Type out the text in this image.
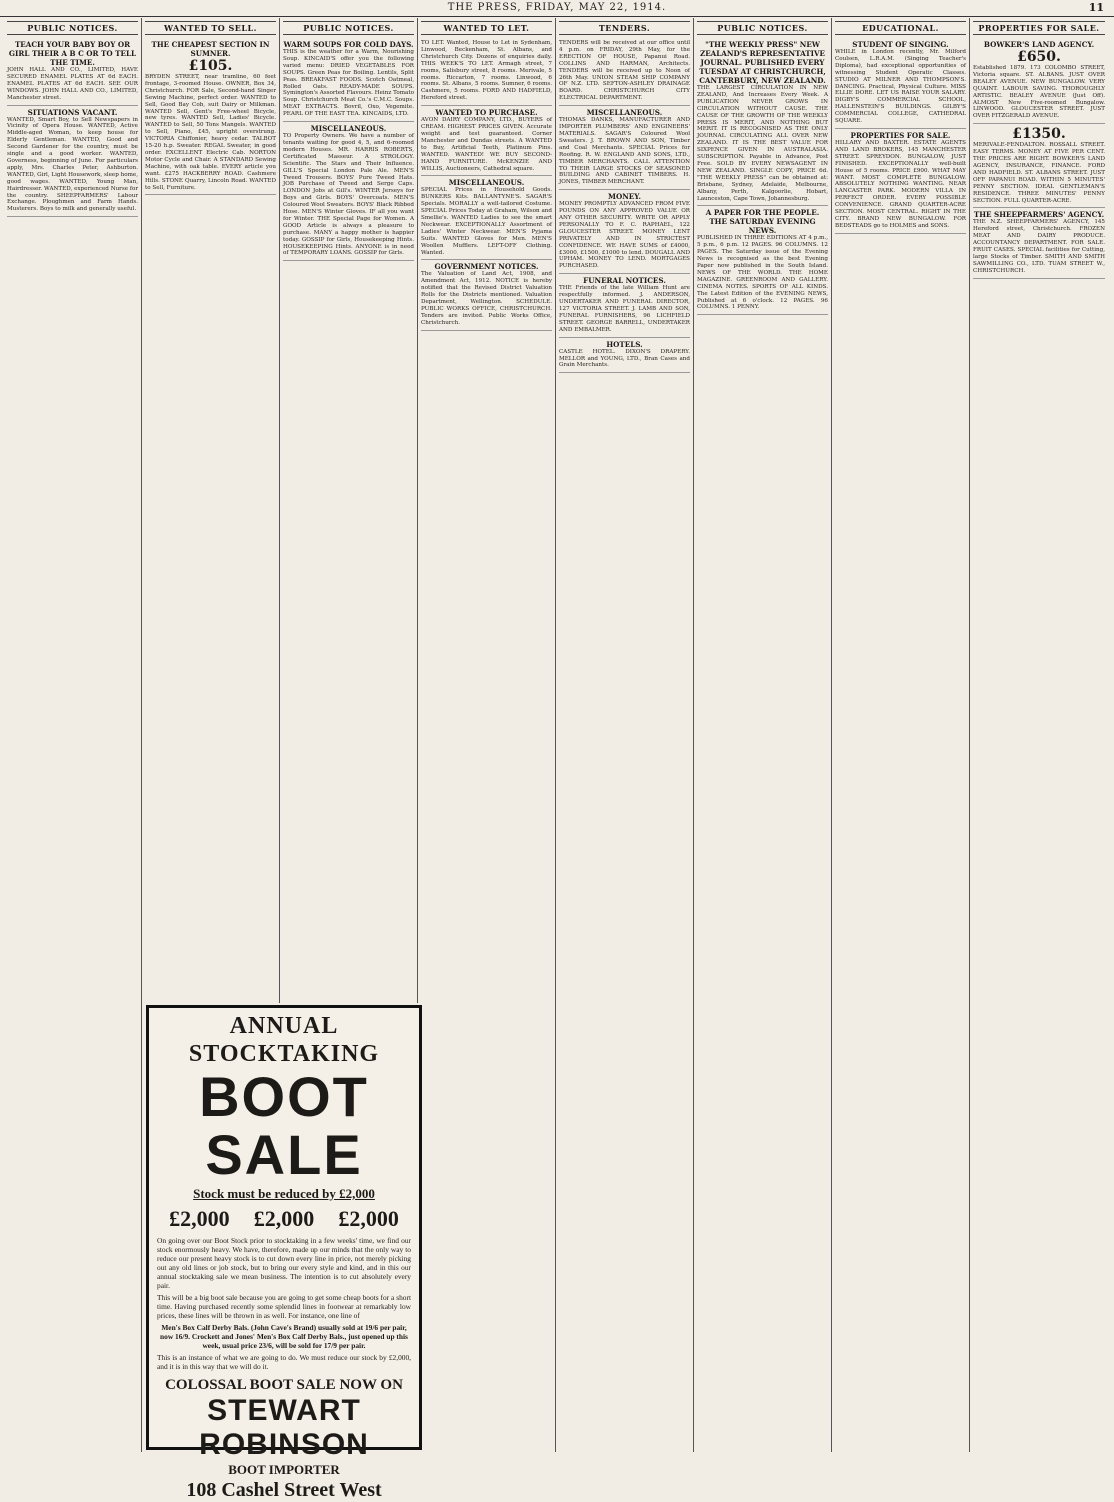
THE PRESS, FRIDAY, MAY 22, 1914.	11
PUBLIC NOTICES.
TEACH YOUR BABY BOY OR GIRL THEIR A B C OR TO TELL THE TIME.
JOHN HALL AND CO., LIMITED, HAVE SECURED ENAMEL PLATES AT 6d EACH. ENAMEL PLATES AT 6d EACH. SEE OUR WINDOWS. JOHN HALL AND CO., LIMITED, Manchester street.
SITUATIONS VACANT.
WANTED, Smart Boy, to Sell Newspapers in Vicinity of Opera House. WANTED, Active Middle-aged Woman, to keep house for Elderly Gentleman. WANTED, Good and Second Gardener for the country, must be single and a good worker. WANTED, Governess, beginning of June. For particulars apply, Mrs. Charles Peter, Ashburton. WANTED, Girl, Light Housework, sleep home, good wages. WANTED, Young Man, Hairdresser. WANTED, experienced Nurse for the country. SHEEPFARMERS' Labour Exchange. Ploughmen and Farm Hands. Musterers. Boys to milk and generally useful.
WANTED TO SELL.
THE CHEAPEST SECTION IN SUMNER.
£105.
BRYDEN STREET, near tramline, 60 feet frontage, 3-roomed House. OWNER, Box 34, Christchurch. FOR Sale, Second-hand Singer Sewing Machine, perfect order. WANTED to Sell, Good Bay Cob, suit Dairy or Milkman. WANTED Sell, Gent's Free-wheel Bicycle, new tyres. WANTED Sell, Ladies' Bicycle. WANTED to Sell, 50 Tons Mangels. WANTED to Sell, Piano, £45, upright overstrung. VICTORIA Chiffonier, heavy cedar. TALBOT 15-20 h.p. Sweater. REGAL Sweater, in good order. EXCELLENT Electric Cab. NORTON Motor Cycle and Chair. A STANDARD Sewing Machine, with oak table. EVERY article you want. £275 HACKBERRY ROAD. Cashmere Hills. STONE Quarry, Lincoln Road. WANTED to Sell, Furniture.
PUBLIC NOTICES.
WARM SOUPS FOR COLD DAYS.
THIS is the weather for a Warm, Nourishing Soup. KINCAID'S offer you the following varied menu: DRIED VEGETABLES FOR SOUPS. Green Peas for Boiling. Lentils, Split Peas. BREAKFAST FOODS. Scotch Oatmeal, Rolled Oats. READY-MADE SOUPS. Symington's Assorted Flavours. Heinz Tomato Soup. Christchurch Meat Co.'s C.M.C. Soups. MEAT EXTRACTS. Bovril, Oxo, Vegemite. PEARL OF THE EAST TEA. KINCAIDS, LTD.
MISCELLANEOUS.
TO Property Owners. We have a number of tenants waiting for good 4, 5, and 6-roomed modern Houses. MR. HARRIS ROBERTS, Certificated Masseur. A STROLOGY. Scientific. The Stars and Their Influence. GILL'S Special London Pale Ale. MEN'S Tweed Trousers. BOYS' Pure Tweed Hats. JOB Purchase of Tweed and Serge Caps. LONDON Jobs at Gill's. WINTER Jerseys for Boys and Girls. BOYS' Overcoats. MEN'S Coloured Wool Sweaters. BOYS' Black Ribbed Hose. MEN'S Winter Gloves. IF all you want for Winter. THE Special Page for Women. A GOOD Article is always a pleasure to purchase. MANY a happy mother is happier today. GOSSIP for Girls, Housekeeping Hints. HOUSEKEEPING Hints. ANYONE is in need of TEMPORARY LOANS. GOSSIP for Girls.
WANTED TO LET.
TO LET. Wanted, House to Let in Sydenham, Linwood, Beckenham, St. Albans, and Christchurch City. Dozens of enquiries daily. THIS WEEK'S TO LET. Armagh street, 7 rooms, Salisbury street, 8 rooms. Merivale, 5 rooms. Riccarton, 7 rooms. Linwood, 6 rooms. St. Albans, 5 rooms. Sumner, 6 rooms. Cashmere, 5 rooms. FORD AND HADFIELD, Hereford street.
WANTED TO PURCHASE.
AVON DAIRY COMPANY, LTD., BUYERS of CREAM. HIGHEST PRICES GIVEN. Accurate weight and test guaranteed. Corner Manchester and Dundas streets. A WANTED to Buy, Artificial Teeth, Platinum Pins. WANTED. WANTED! WE BUY SECOND-HAND FURNITURE. McKENZIE AND WILLIS, Auctioneers, Cathedral square.
MISCELLANEOUS.
SPECIAL Prices in Household Goods. BUNKERS Kits. BALLANTYNE'S. SAGAR'S Specials. MORALLY a well-tailored Costume. SPECIAL Prices Today at Graham, Wilson and Smellie's. WANTED Ladies to see the smart Neckwear. EXCEPTIONALLY Assortment of Ladies' Winter Neckwear. MEN'S Pyjama Suits. WANTED Gloves for Men. MEN'S Woollen Mufflers. LEFT-OFF Clothing. Wanted.
GOVERNMENT NOTICES.
The Valuation of Land Act, 1908, and Amendment Act, 1912. NOTICE is hereby notified that the Revised District Valuation Rolls for the Districts mentioned. Valuation Department, Wellington. SCHEDULE. PUBLIC WORKS OFFICE, CHRISTCHURCH. Tenders are invited. Public Works Office, Christchurch.
TENDERS.
TENDERS will be received at our office until 4 p.m. on FRIDAY, 29th May, for the ERECTION OF HOUSE, Papanui Road. COLLINS AND HARMAN, Architects. TENDERS will be received up to Noon of 26th May. UNION STEAM SHIP COMPANY OF N.Z. LTD. SEFTON-ASHLEY DRAINAGE BOARD. CHRISTCHURCH CITY ELECTRICAL DEPARTMENT.
MISCELLANEOUS.
THOMAS DANKS, MANUFACTURER AND IMPORTER PLUMBERS' AND ENGINEERS' MATERIALS. SAGAR'S Coloured Wool Sweaters. J. T. BROWN AND SON, Timber and Coal Merchants. SPECIAL Prices for Roofing. R. W. ENGLAND AND SONS, LTD., TIMBER MERCHANTS. CALL ATTENTION TO THEIR LARGE STOCKS OF SEASONED BUILDING AND CABINET TIMBERS. H. JONES, TIMBER MERCHANT.
MONEY.
MONEY PROMPTLY ADVANCED FROM FIVE POUNDS ON ANY APPROVED VALUE OR ANY OTHER SECURITY. WRITE OR APPLY PERSONALLY TO F. C. RAPHAEL, 122 GLOUCESTER STREET. MONEY LENT PRIVATELY AND IN STRICTEST CONFIDENCE. WE HAVE SUMS of £4000, £3000, £1500, £1000 to lend. DOUGALL AND UPHAM. MONEY TO LEND. MORTGAGES PURCHASED.
FUNERAL NOTICES.
THE Friends of the late William Hunt are respectfully informed. J. ANDERSON, UNDERTAKER AND FUNERAL DIRECTOR, 127 VICTORIA STREET. J. LAMB AND SON, FUNERAL FURNISHERS, 96 LICHFIELD STREET. GEORGE BARRELL, UNDERTAKER AND EMBALMER.
HOTELS.
CASTLE HOTEL. DIXON'S DRAPERY. MELLOR and YOUNG, LTD., Bran Cases and Grain Merchants.
PUBLIC NOTICES.
"THE WEEKLY PRESS" NEW ZEALAND'S REPRESENTATIVE JOURNAL. PUBLISHED EVERY TUESDAY AT CHRISTCHURCH, CANTERBURY, NEW ZEALAND.
THE LARGEST CIRCULATION IN NEW ZEALAND, And Increases Every Week. A PUBLICATION NEVER GROWS IN CIRCULATION WITHOUT CAUSE. THE CAUSE OF THE GROWTH OF THE WEEKLY PRESS IS MERIT, AND NOTHING BUT MERIT. IT IS RECOGNISED AS THE ONLY JOURNAL CIRCULATING ALL OVER NEW ZEALAND. IT IS THE BEST VALUE FOR SIXPENCE GIVEN IN AUSTRALASIA. SUBSCRIPTION. Payable in Advance, Post Free. SOLD BY EVERY NEWSAGENT IN NEW ZEALAND. SINGLE COPY, PRICE 6d. "THE WEEKLY PRESS" can be obtained at: Brisbane, Sydney, Adelaide, Melbourne, Albany, Perth, Kalgoorlie, Hobart, Launceston, Cape Town, Johannesburg.
A PAPER FOR THE PEOPLE. THE SATURDAY EVENING NEWS.
PUBLISHED IN THREE EDITIONS AT 4 p.m., 5 p.m., 6 p.m. 12 PAGES. 96 COLUMNS. 12 PAGES. The Saturday issue of the Evening News is recognised as the best Evening Paper now published in the South Island. NEWS OF THE WORLD. THE HOME MAGAZINE. GREENROOM AND GALLERY. CINEMA NOTES. SPORTS OF ALL KINDS. The Latest Edition of the EVENING NEWS, Published at 6 o'clock. 12 PAGES. 96 COLUMNS. 1 PENNY.
EDUCATIONAL.
STUDENT OF SINGING.
WHILE in London recently, Mr. Milford Coulsen, L.R.A.M. (Singing Teacher's Diploma), had exceptional opportunities of witnessing Student Operatic Classes. STUDIO AT MILNER AND THOMPSON'S. DANCING. Practical, Physical Culture. MISS ELLIE DORE. LET US RAISE YOUR SALARY. DIGBY'S COMMERCIAL SCHOOL, HALLENSTEIN'S BUILDINGS. GILBY'S COMMERCIAL COLLEGE, CATHEDRAL SQUARE.
PROPERTIES FOR SALE.
HILLARY AND BAXTER. ESTATE AGENTS AND LAND BROKERS, 145 MANCHESTER STREET. SPREYDON. BUNGALOW, JUST FINISHED. EXCEPTIONALLY well-built House of 5 rooms. PRICE £900. WHAT MAY WANT. MOST COMPLETE BUNGALOW. ABSOLUTELY NOTHING WANTING. NEAR LANCASTER PARK. MODERN VILLA IN PERFECT ORDER. EVERY POSSIBLE CONVENIENCE. GRAND QUARTER-ACRE SECTION. MOST CENTRAL. RIGHT IN THE CITY. BRAND NEW BUNGALOW. FOR BEDSTEADS go to HOLMES and SONS.
PROPERTIES FOR SALE.
BOWKER'S LAND AGENCY.
£650.
Established 1879. 173 COLOMBO STREET, Victoria square. ST. ALBANS. JUST OVER BEALEY AVENUE. NEW BUNGALOW. VERY QUAINT. LABOUR SAVING. THOROUGHLY ARTISTIC. BEALEY AVENUE (Just Off). ALMOST New Five-roomed Bungalow. LINWOOD. GLOUCESTER STREET. JUST OVER FITZGERALD AVENUE.
£1350.
MERIVALE-FENDALTON. ROSSALL STREET. EASY TERMS. MONEY AT FIVE PER CENT. THE PRICES ARE RIGHT. BOWKER'S LAND AGENCY, INSURANCE, FINANCE. FORD AND HADFIELD. ST. ALBANS STREET. JUST OFF PAPANUI ROAD. WITHIN 5 MINUTES' PENNY SECTION. IDEAL GENTLEMAN'S RESIDENCE. THREE MINUTES' PENNY SECTION. FULL QUARTER-ACRE.
THE SHEEPFARMERS' AGENCY.
THE N.Z. SHEEPFARMERS' AGENCY, 145 Hereford street, Christchurch. FROZEN MEAT AND DAIRY PRODUCE. ACCOUNTANCY DEPARTMENT. FOR SALE. FRUIT CASES. SPECIAL facilities for Cutting, large Stocks of Timber. SMITH AND SMITH SAWMILLING CO., LTD. TUAM STREET W., CHRISTCHURCH.
ANNUAL STOCKTAKING
BOOT SALE
Stock must be reduced by £2,000
£2,000 £2,000 £2,000
On going over our Boot Stock prior to stocktaking in a few weeks' time, we find our stock enormously heavy. We have, therefore, made up our minds that the only way to reduce our present heavy stock is to cut down every line in price, not merely picking out any old lines or job stock, but to bring our every style and kind, and in this our annual stocktaking sale we mean business. The intention is to cut absolutely every pair.
This will be a big boot sale because you are going to get some cheap boots for a short time. Having purchased recently some splendid lines in footwear at remarkably low prices, these lines will be thrown in as well. For instance, one line of
Men's Box Calf Derby Bals. (John Cave's Brand) usually sold at 19/6 per pair, now 16/9. Crockett and Jones' Men's Box Calf Derby Bals., just opened up this week, usual price 23/6, will be sold for 17/9 per pair.
This is an instance of what we are going to do. We must reduce our stock by £2,000, and it is in this way that we will do it.
COLOSSAL BOOT SALE NOW ON
STEWART ROBINSON
BOOT IMPORTER
108 Cashel Street West
